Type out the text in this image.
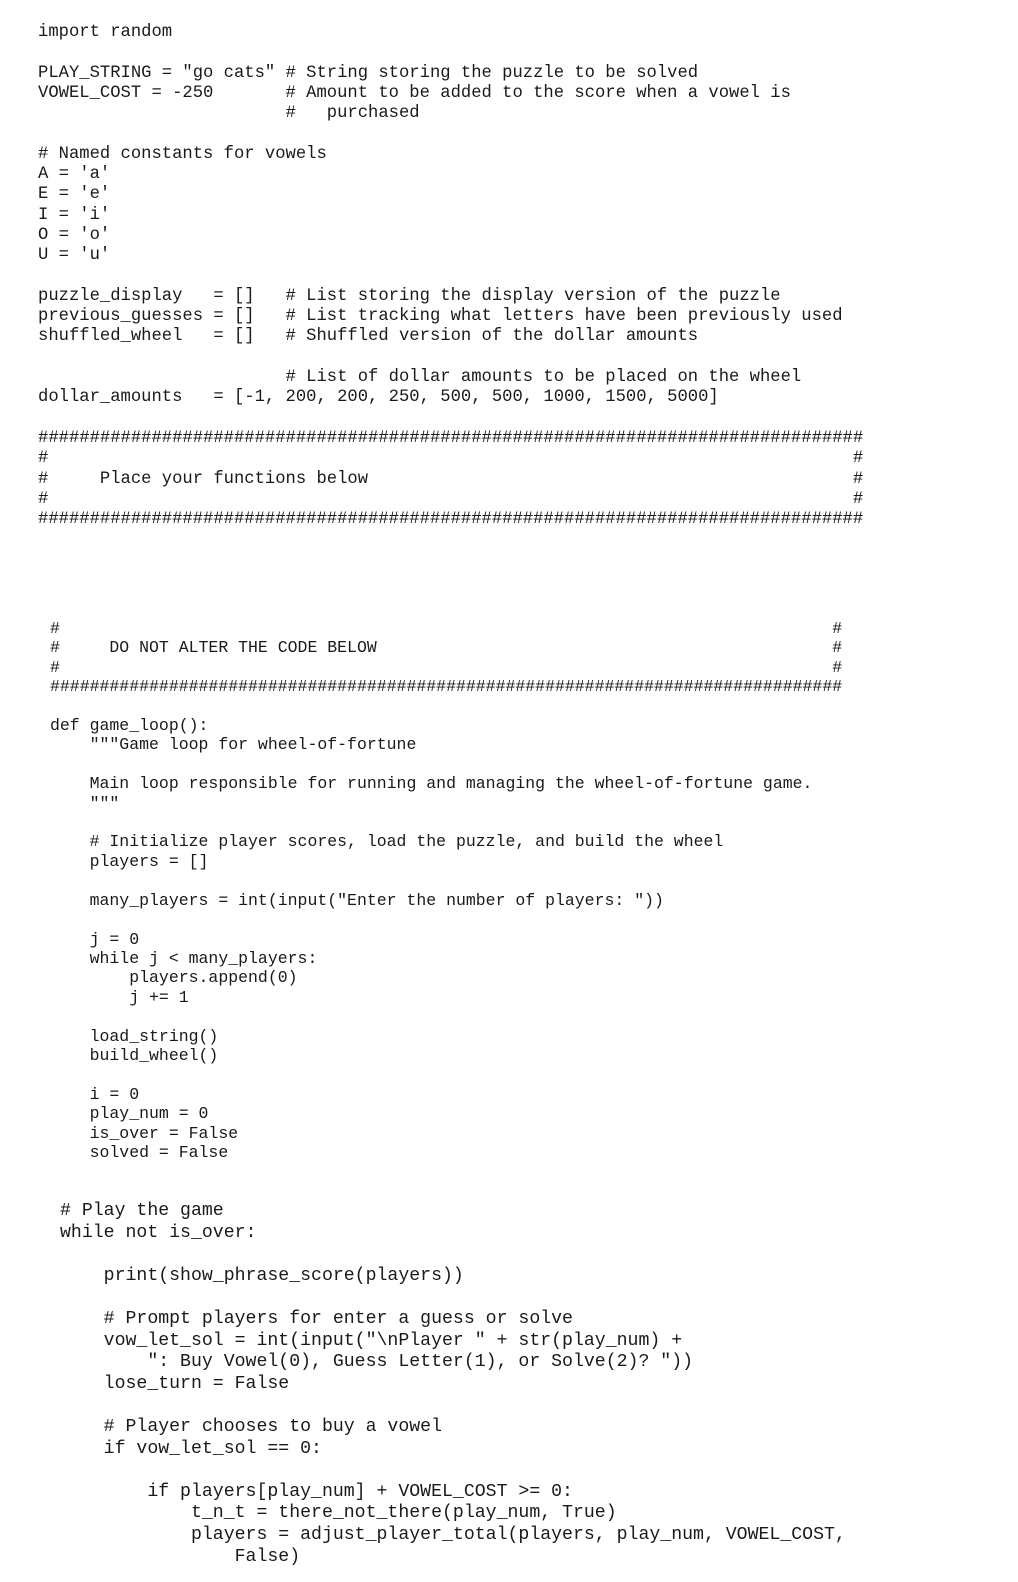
import random

PLAY_STRING = "go cats" # String storing the puzzle to be solved
VOWEL_COST = -250       # Amount to be added to the score when a vowel is
#   purchased

# Named constants for vowels
A = 'a'
E = 'e'
I = 'i'
O = 'o'
U = 'u'

puzzle_display   = []   # List storing the display version of the puzzle
previous_guesses = []   # List tracking what letters have been previously used
shuffled_wheel   = []   # Shuffled version of the dollar amounts

# List of dollar amounts to be placed on the wheel
dollar_amounts   = [-1, 200, 200, 250, 500, 500, 1000, 1500, 5000]

################################################################################
#                                                                              #
#     Place your functions below                                               #
#                                                                              #
################################################################################
#                                                                              #
#     DO NOT ALTER THE CODE BELOW                                              #
#                                                                              #
################################################################################

def game_loop():
"""Game loop for wheel-of-fortune

Main loop responsible for running and managing the wheel-of-fortune game.
"""

# Initialize player scores, load the puzzle, and build the wheel
players = []

many_players = int(input("Enter the number of players: "))

j = 0
while j < many_players:
players.append(0)
j += 1

load_string()
build_wheel()

i = 0
play_num = 0
is_over = False
solved = False
# Play the game
while not is_over:

print(show_phrase_score(players))

# Prompt players for enter a guess or solve
vow_let_sol = int(input("\nPlayer " + str(play_num) +
": Buy Vowel(0), Guess Letter(1), or Solve(2)? "))
lose_turn = False

# Player chooses to buy a vowel
if vow_let_sol == 0:

if players[play_num] + VOWEL_COST >= 0:
t_n_t = there_not_there(play_num, True)
players = adjust_player_total(players, play_num, VOWEL_COST,
False)
